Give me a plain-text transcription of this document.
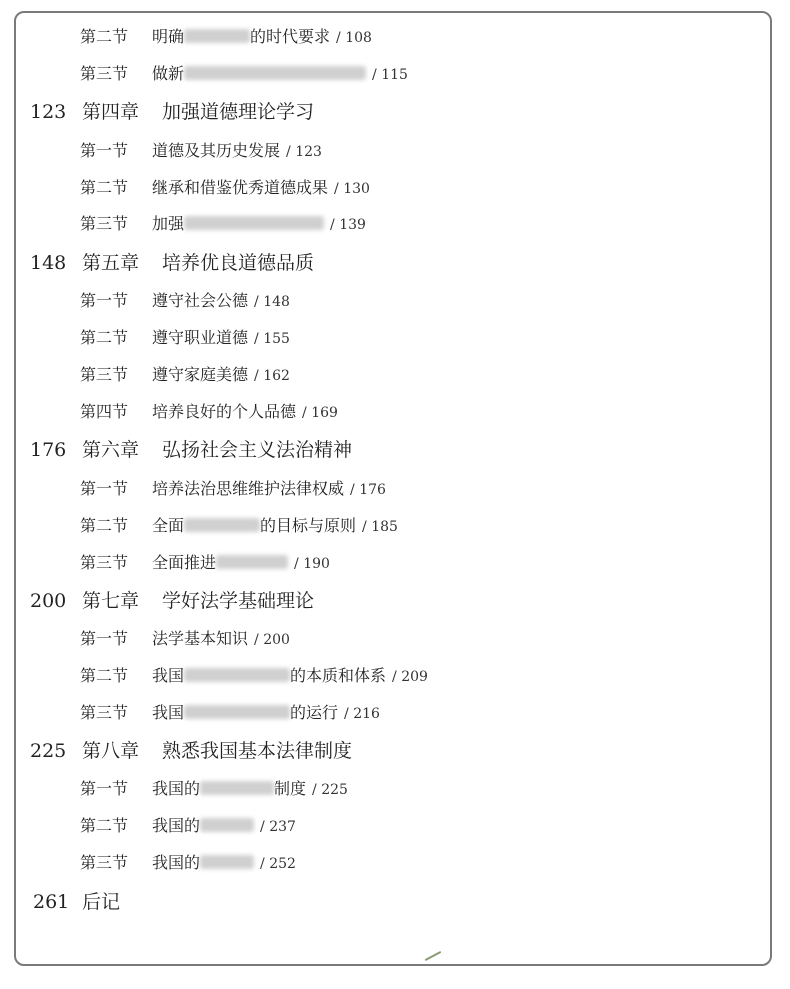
第二节 明确	的时代要求 / 108
第三节 做新	/ 115
123 第四章 加强道德理论学习
第一节 道德及其历史发展 / 123
第二节 继承和借鉴优秀道德成果 / 130
第三节 加强	/ 139
148 第五章 培养优良道德品质
第一节 遵守社会公德 / 148
第二节 遵守职业道德 / 155
第三节 遵守家庭美德 / 162
第四节 培养良好的个人品德 / 169
176 第六章 弘扬社会主义法治精神
第一节 培养法治思维维护法律权威 / 176
第二节 全面	的目标与原则 / 185
第三节 全面推进	/ 190
200 第七章 学好法学基础理论
第一节 法学基本知识 / 200
第二节 我国	的本质和体系 / 209
第三节 我国	的运行 / 216
225 第八章 熟悉我国基本法律制度
第一节 我国的	制度 / 225
第二节 我国的	/ 237
第三节 我国的	/ 252
261 后记
